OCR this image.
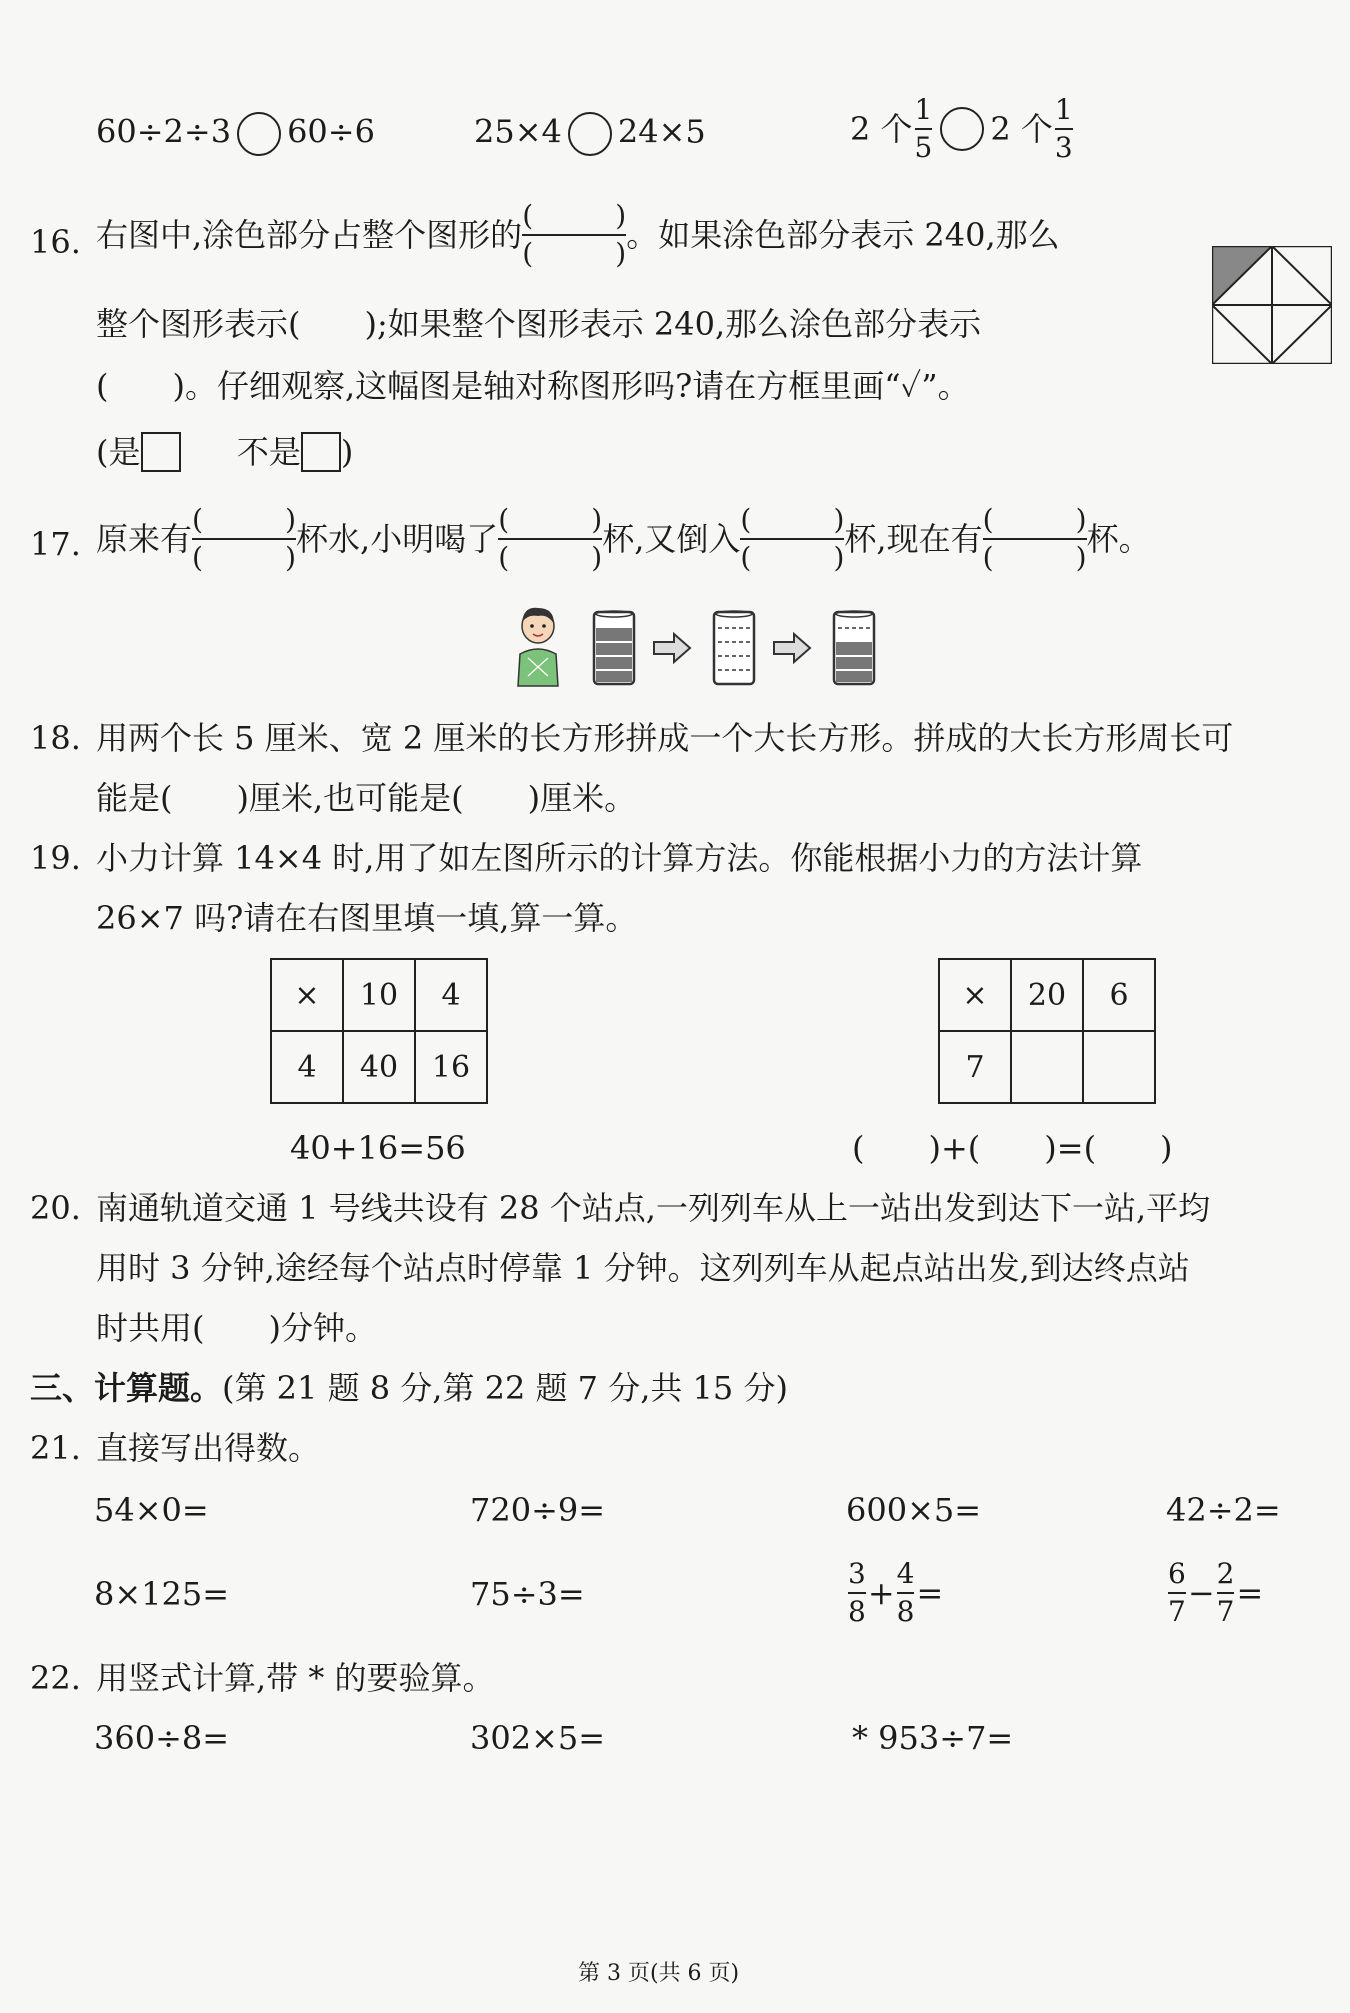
60÷2÷3 60÷6	25×4 24×5	2 个 $\frac{1}{5} 2$ 个 $\frac{1}{3}$
16. 右图中,涂色部分占整个图形的
(	)
(	) 。如果涂色部分表示 240,那么
整个图形表示(　　);如果整个图形表示 240,那么涂色部分表示
(　　)。仔细观察,这幅图是轴对称图形吗?请在方框里画“✓”。
(是	不是 )
17. 原来有
(	)
(	) 杯水,小明喝了
(	)
(	) 杯,又倒入
(	)
(	) 杯,现在有
(	)
(	) 杯。
18. 用两个长 5 厘米、宽 2 厘米的长方形拼成一个大长方形。拼成的大长方形周长可
能是(　　)厘米,也可能是(　　)厘米。
19. 小力计算 14×4 时,用了如左图所示的计算方法。你能根据小力的方法计算
26×7 吗?请在右图里填一填,算一算。
×	10	4
4	40	16
40+16=56
×	20	6
7		
(　　)+(　　)=(　　)
20. 南通轨道交通 1 号线共设有 28 个站点,一列列车从上一站出发到达下一站,平均
用时 3 分钟,途经每个站点时停靠 1 分钟。这列列车从起点站出发,到达终点站
时共用(　　)分钟。
三、计算题。(第 21 题 8 分,第 22 题 7 分,共 15 分)
21. 直接写出得数。
54×0=	720÷9=	600×5=	42÷2=
8×125=	75÷3=	$\frac{3}{8} + \frac{4}{8}$ =	$\frac{6}{7} - \frac{2}{7}$ =
22. 用竖式计算,带 * 的要验算。
360÷8=	302×5=	* 953÷7=
第 3 页(共 6 页)
